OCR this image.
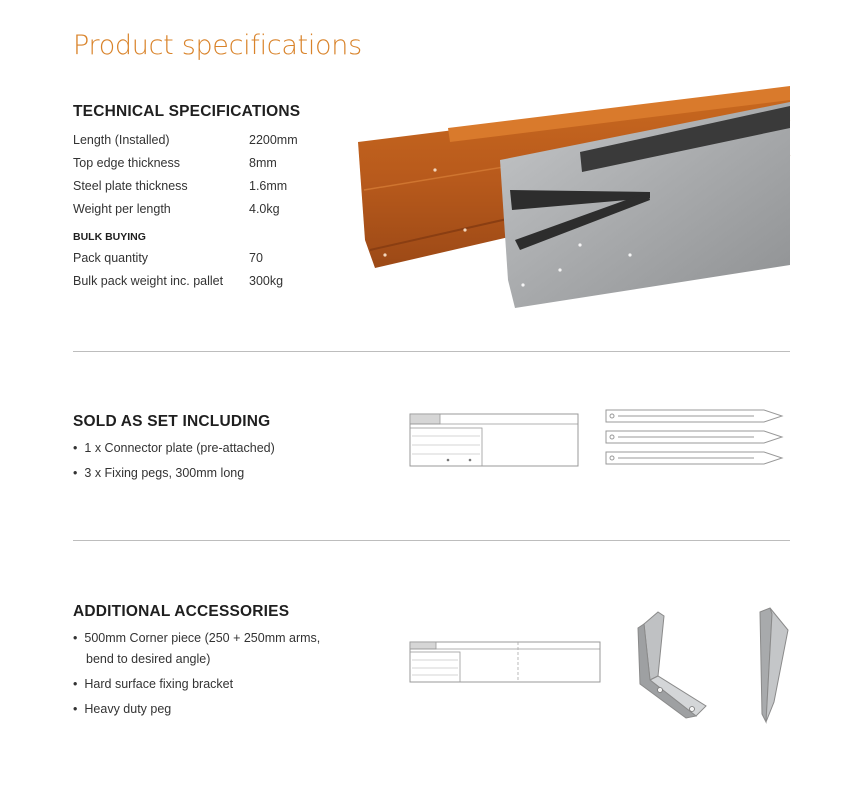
Product specifications
TECHNICAL SPECIFICATIONS
Length (Installed)	2200mm
Top edge thickness	8mm
Steel plate thickness	1.6mm
Weight per length	4.0kg
BULK BUYING
Pack quantity	70
Bulk pack weight inc. pallet 300kg
SOLD AS SET INCLUDING
• 1 x Connector plate (pre-attached)
• 3 x Fixing pegs, 300mm long
ADDITIONAL ACCESSORIES
• 500mm Corner piece (250 + 250mm arms,
bend to desired angle)
• Hard surface fixing bracket
• Heavy duty peg
